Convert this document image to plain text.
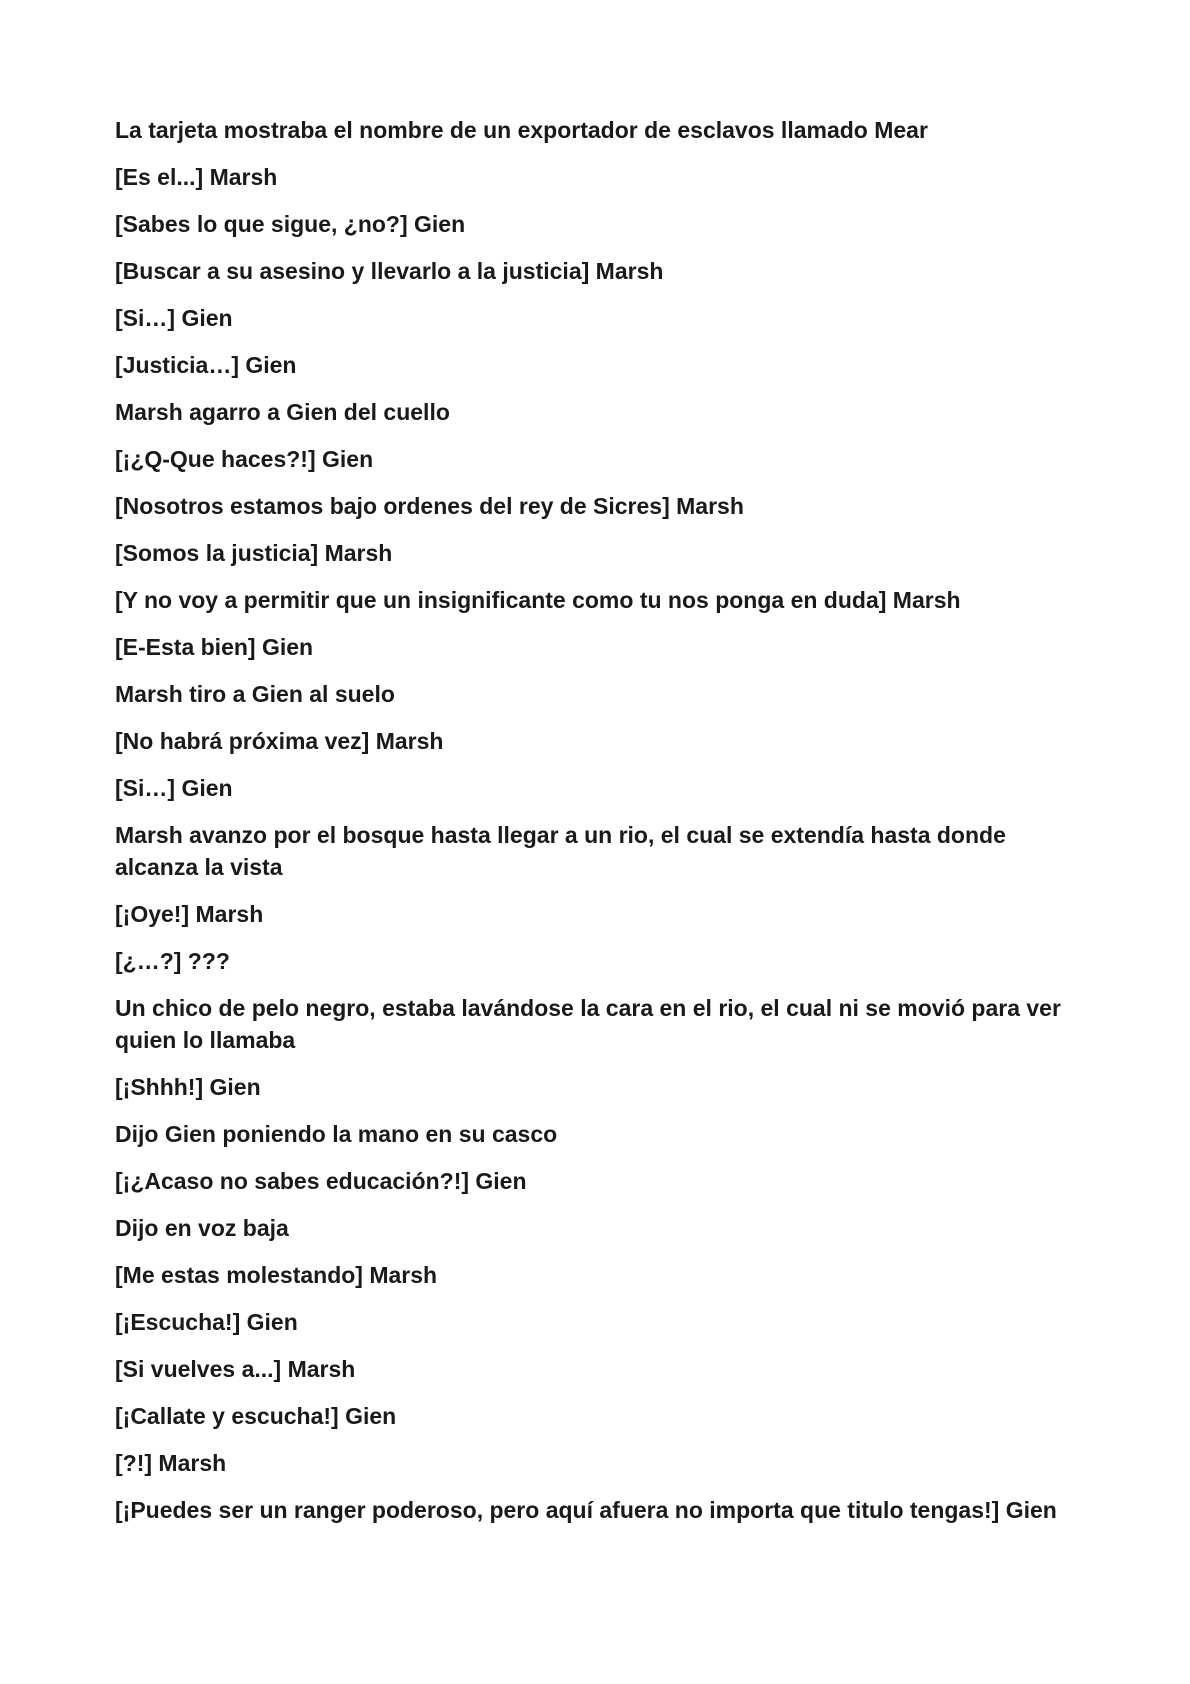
La tarjeta mostraba el nombre de un exportador de esclavos llamado Mear

[Es el...] Marsh

[Sabes lo que sigue, ¿no?] Gien

[Buscar a su asesino y llevarlo a la justicia] Marsh

[Si…] Gien

[Justicia…] Gien

Marsh agarro a Gien del cuello

[¡¿Q-Que haces?!] Gien

[Nosotros estamos bajo ordenes del rey de Sicres] Marsh

[Somos la justicia] Marsh

[Y no voy a permitir que un insignificante como tu nos ponga en duda] Marsh

[E-Esta bien] Gien

Marsh tiro a Gien al suelo

[No habrá próxima vez] Marsh

[Si…] Gien

Marsh avanzo por el bosque hasta llegar a un rio, el cual se extendía hasta donde alcanza la vista

[¡Oye!] Marsh

[¿…?] ???

Un chico de pelo negro, estaba lavándose la cara en el rio, el cual ni se movió para ver quien lo llamaba

[¡Shhh!] Gien

Dijo Gien poniendo la mano en su casco

[¡¿Acaso no sabes educación?!] Gien

Dijo en voz baja

[Me estas molestando] Marsh

[¡Escucha!] Gien

[Si vuelves a...] Marsh

[¡Callate y escucha!] Gien

[?!] Marsh

[¡Puedes ser un ranger poderoso, pero aquí afuera no importa que titulo tengas!] Gien
